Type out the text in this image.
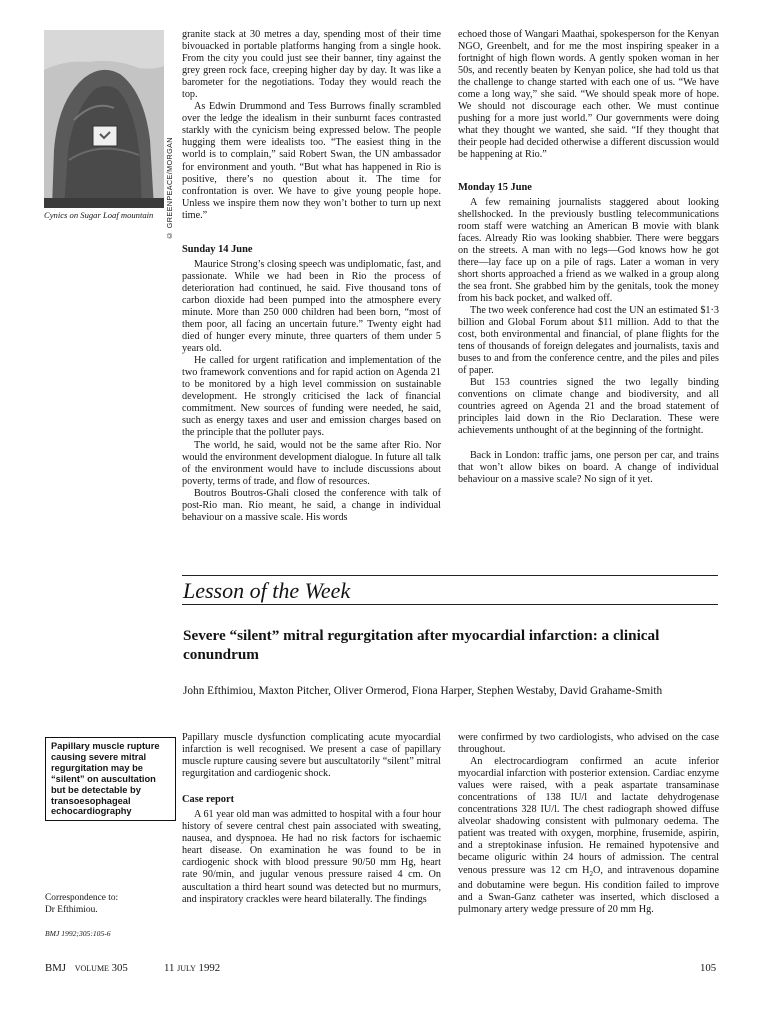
Cynics on Sugar Loaf mountain	© GREENPEACE/MORGAN

granite stack at 30 metres a day, spending most of their time bivouacked in portable platforms hanging from a single hook. From the city you could just see their banner, tiny against the grey green rock face, creeping higher day by day. It was like a barometer for the negotiations. Today they would reach the top.

As Edwin Drummond and Tess Burrows finally scrambled over the ledge the idealism in their sunburnt faces contrasted starkly with the cynicism being expressed below. The people hugging them were idealists too. “The easiest thing in the world is to complain,” said Robert Swan, the UN ambassador for environment and youth. “But what has happened in Rio is positive, there’s no question about it. The time for confrontation is over. We have to give young people hope. Unless we inspire them now they won’t bother to turn up next time.”

Sunday 14 June

Maurice Strong’s closing speech was undiplomatic, fast, and passionate. While we had been in Rio the process of deterioration had continued, he said. Five thousand tons of carbon dioxide had been pumped into the atmosphere every minute. More than 250 000 children had been born, “most of them poor, all facing an uncertain future.” Twenty eight had died of hunger every minute, three quarters of them under 5 years old.

He called for urgent ratification and implementation of the two framework conventions and for rapid action on Agenda 21 to be monitored by a high level commission on sustainable development. He strongly criticised the lack of financial commitment. New sources of funding were needed, he said, such as energy taxes and user and emission charges based on the principle that the polluter pays.

The world, he said, would not be the same after Rio. Nor would the environment development dialogue. In future all talk of the environment would have to include discussions about poverty, terms of trade, and flow of resources.

Boutros Boutros-Ghali closed the conference with talk of post-Rio man. Rio meant, he said, a change in individual behaviour on a massive scale. His words

echoed those of Wangari Maathai, spokesperson for the Kenyan NGO, Greenbelt, and for me the most inspiring speaker in a fortnight of high flown words. A gently spoken woman in her 50s, and recently beaten by Kenyan police, she had told us that the challenge to change started with each one of us. “We have come a long way,” she said. “We should speak more of hope. We should not discourage each other. We must continue pushing for a more just world.” Our governments were doing what they thought we wanted, she said. “If they thought that their people had decided otherwise a different discussion would be happening at Rio.”

Monday 15 June

A few remaining journalists staggered about looking shellshocked. In the previously bustling telecommunications room staff were watching an American B movie with blank faces. Already Rio was looking shabbier. There were beggars on the streets. A man with no legs—God knows how he got there—lay face up on a pile of rags. Later a woman in very short shorts approached a friend as we walked in a group along the sea front. She grabbed him by the genitals, took the money from his back pocket, and walked off.

The two week conference had cost the UN an estimated $1·3 billion and Global Forum about $11 million. Add to that the cost, both environmental and financial, of plane flights for the tens of thousands of foreign delegates and journalists, taxis and buses to and from the conference centre, and the piles and piles of paper.

But 153 countries signed the two legally binding conventions on climate change and biodiversity, and all countries agreed on Agenda 21 and the broad statement of principles laid down in the Rio Declaration. These were achievements unthought of at the beginning of the fortnight.

Back in London: traffic jams, one person per car, and trains that won’t allow bikes on board. A change of individual behaviour on a massive scale? No sign of it yet.

Lesson of the Week
Severe “silent” mitral regurgitation after myocardial infarction: a clinical conundrum
John Efthimiou, Maxton Pitcher, Oliver Ormerod, Fiona Harper, Stephen Westaby, David Grahame-Smith
Papillary muscle rupture causing severe mitral regurgitation may be “silent” on auscultation but be detectable by transoesophageal echocardiography
Correspondence to:
Dr Efthimiou.
BMJ 1992;305:105-6

Papillary muscle dysfunction complicating acute myocardial infarction is well recognised. We present a case of papillary muscle rupture causing severe but auscultatorily “silent” mitral regurgitation and cardiogenic shock.

Case report

A 61 year old man was admitted to hospital with a four hour history of severe central chest pain associated with sweating, nausea, and dyspnoea. He had no risk factors for ischaemic heart disease. On examination he was found to be in cardiogenic shock with blood pressure 90/50 mm Hg, heart rate 90/min, and jugular venous pressure raised 4 cm. On auscultation a third heart sound was detected but no murmurs, and inspiratory crackles were heard bilaterally. The findings

were confirmed by two cardiologists, who advised on the case throughout.

An electrocardiogram confirmed an acute inferior myocardial infarction with posterior extension. Cardiac enzyme values were raised, with a peak aspartate transaminase concentrations of 138 IU/l and lactate dehydrogenase concentrations 328 IU/l. The chest radiograph showed diffuse alveolar shadowing consistent with pulmonary oedema. The patient was treated with oxygen, morphine, frusemide, aspirin, and a streptokinase infusion. He remained hypotensive and became oliguric within 24 hours of admission. The central venous pressure was 12 cm $H_2O$, and intravenous dopamine and dobutamine were begun. His condition failed to improve and a Swan-Ganz catheter was inserted, which disclosed a pulmonary artery wedge pressure of 20 mm Hg.

BMJ volume 305	11 july 1992	105
